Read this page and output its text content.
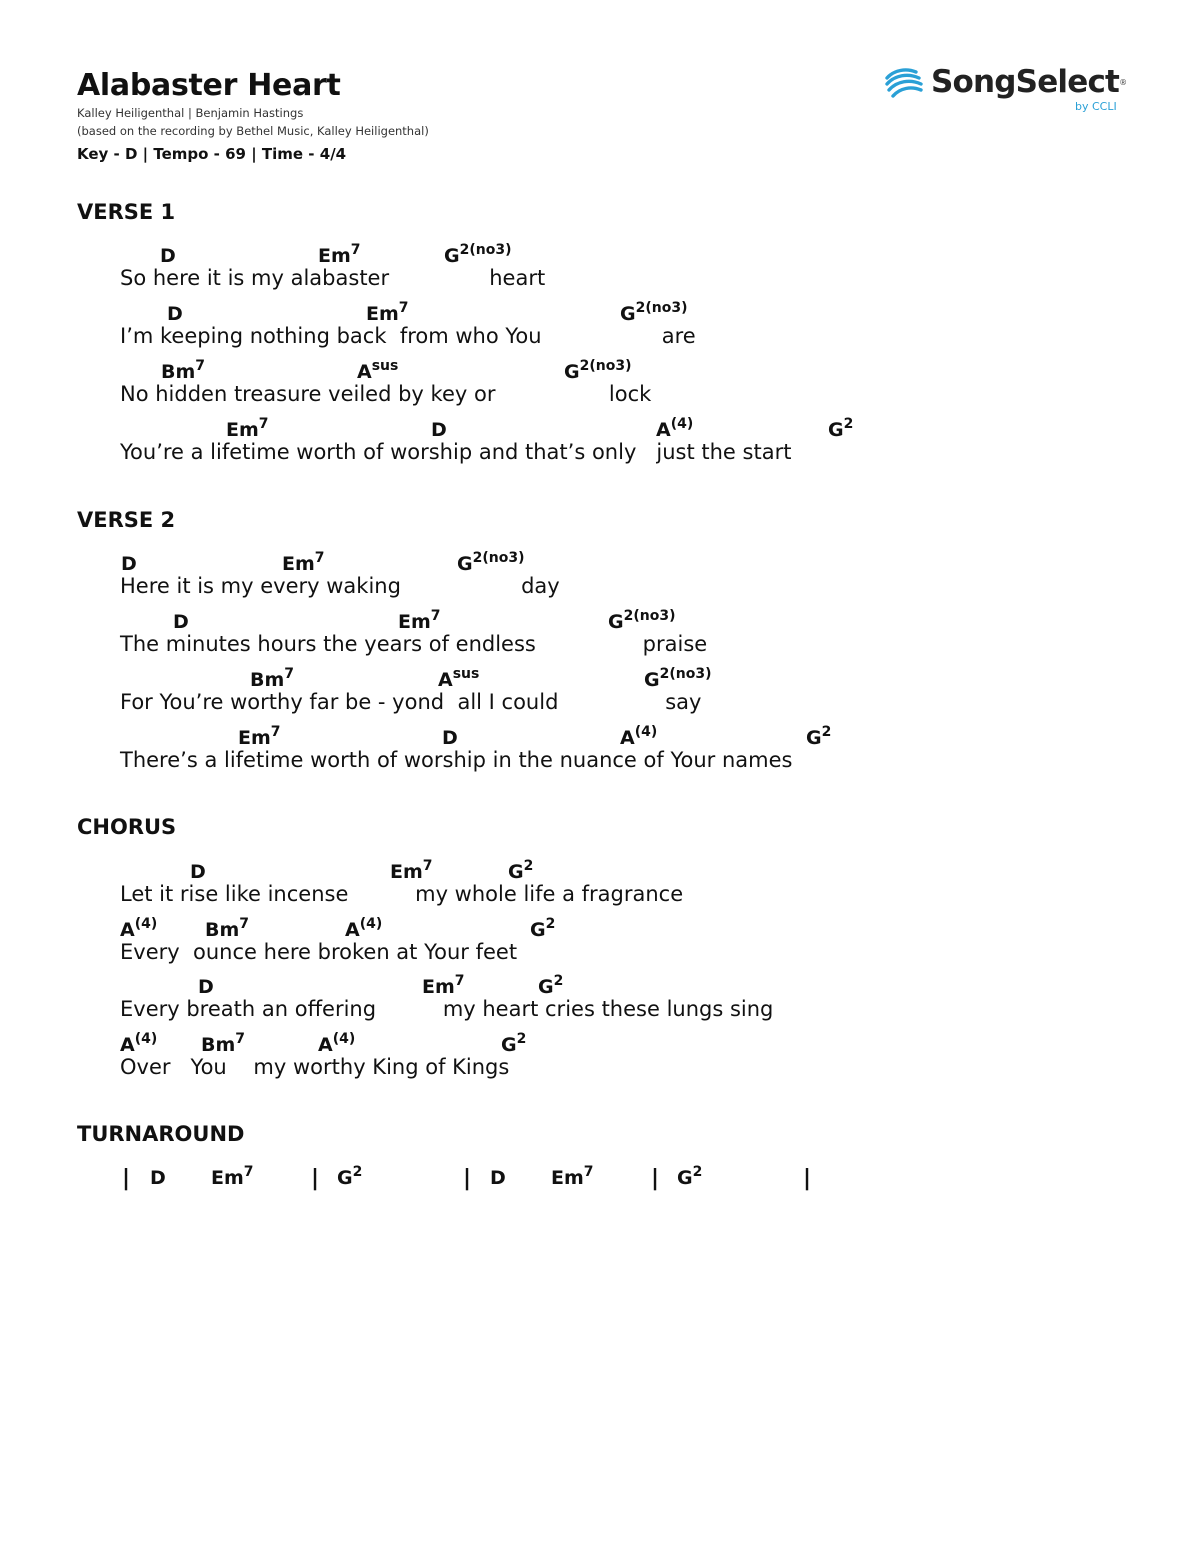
Alabaster Heart
Kalley Heiligenthal | Benjamin Hastings
(based on the recording by Bethel Music, Kalley Heiligenthal)
Key - D | Tempo - 69 | Time - 4/4
SongSelect ®
by CCLI
VERSE 1
D	Em$^7$	$G^{2(no3)}$
So here it is my alabaster               heart
D	Em$^7$	$G^{2(no3)}$
I’m keeping nothing back  from who You                  are
Bm$^7$	$A^{sus}$	$G^{2(no3)}$
No hidden treasure veiled by key or                 lock
Em$^7$	D	$A^{(4)}$	$G^2$
You’re a lifetime worth of worship and that’s only   just the start
VERSE 2
D	Em$^7$	$G^{2(no3)}$
Here it is my every waking                  day
D	Em$^7$	$G^{2(no3)}$
The minutes hours the years of endless                praise
Bm$^7$	$A^{sus}$	$G^{2(no3)}$
For You’re worthy far be - yond  all I could                say
Em$^7$	D	$A^{(4)}$	$G^2$
There’s a lifetime worth of worship in the nuance of Your names
CHORUS
D	Em$^7$	$G^2$
Let it rise like incense          my whole life a fragrance
$A^{(4)}$	Bm$^7$	$A^{(4)}$	$G^2$
Every  ounce here broken at Your feet
D	Em$^7$	$G^2$
Every breath an offering          my heart cries these lungs sing
$A^{(4)}$ Bm$^7$	$A^{(4)}$	$G^2$
Over   You    my worthy King of Kings
TURNAROUND
| D Em$^7$	| $G^2$	| D Em$^7$	| $G^2$	|
